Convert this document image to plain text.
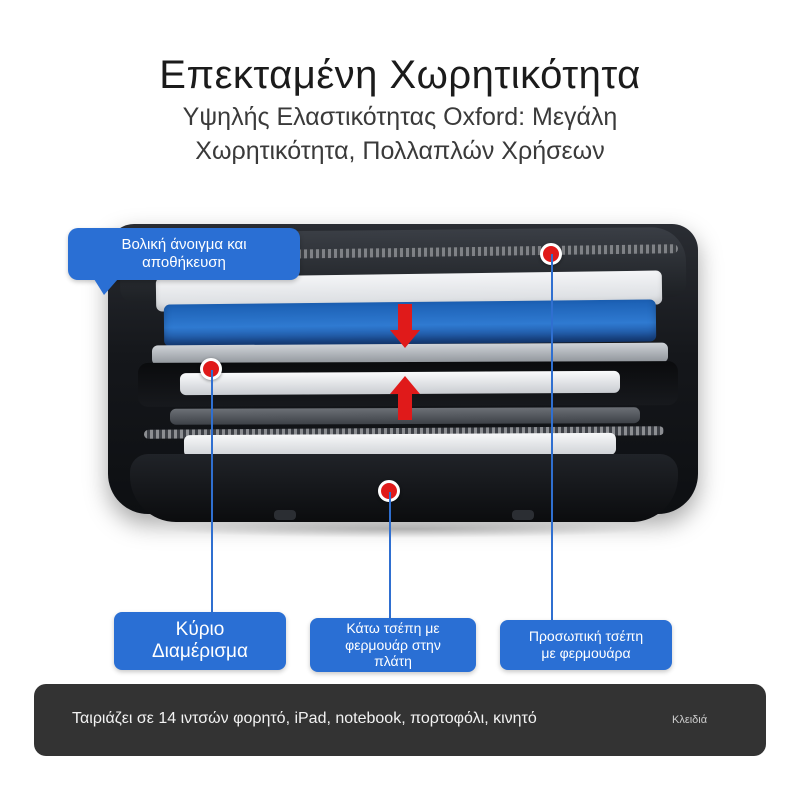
Επεκταμένη Χωρητικότητα
Υψηλής Ελαστικότητας Oxford: Μεγάλη
Χωρητικότητα, Πολλαπλών Χρήσεων
Βολική άνοιγμα και
αποθήκευση
Κύριο
Διαμέρισμα
Κάτω τσέπη με
φερμουάρ στην
πλάτη
Προσωπική τσέπη
με φερμουάρα
Ταιριάζει σε 14 ιντσών φορητό, iPad, notebook, πορτοφόλι, κινητό	Κλειδιά
